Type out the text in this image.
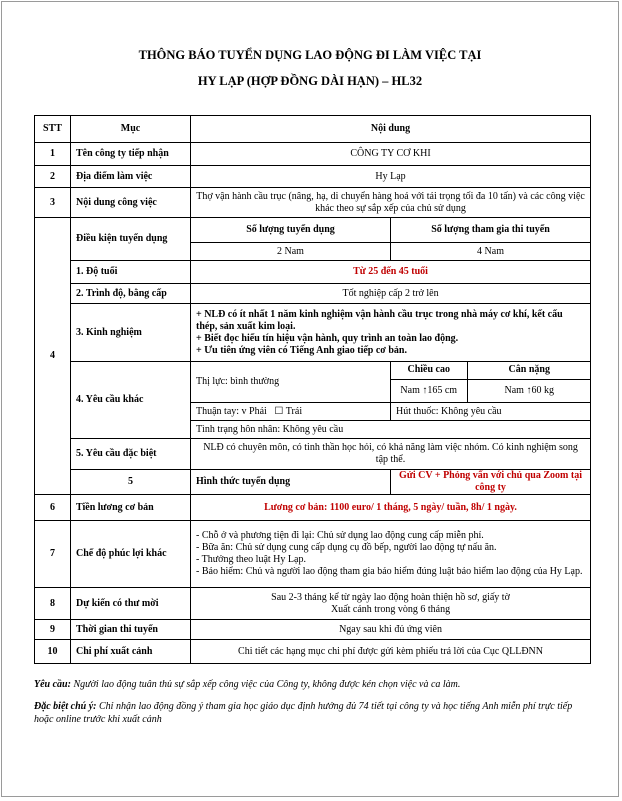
THÔNG BÁO TUYỂN DỤNG LAO ĐỘNG ĐI LÀM VIỆC TẠI
HY LẠP (HỢP ĐỒNG DÀI HẠN) – HL32
STT	Mục	Nội dung
1	Tên công ty tiếp nhận	CÔNG TY CƠ KHI
2	Địa điểm làm việc	Hy Lạp
3	Nội dung công việc	Thợ vận hành cầu trục (nâng, hạ, di chuyển hàng hoá với tải trọng tối đa 10 tấn) và các công việc khác theo sự sắp xếp của chủ sử dụng
4	Điều kiện tuyển dụng	Số lượng tuyển dụng	Số lượng tham gia thi tuyển
2 Nam	4 Nam
1. Độ tuổi	Từ 25 đến 45 tuổi
2. Trình độ, bằng cấp	Tốt nghiệp cấp 2 trở lên
3. Kinh nghiệm	
+ NLĐ có ít nhất 1 năm kinh nghiệm vận hành cầu trục trong nhà máy cơ khí, kết cấu thép, sản xuất kim loại.
+ Biết đọc hiểu tín hiệu vận hành, quy trình an toàn lao động.
+ Ưu tiên ứng viên có Tiếng Anh giao tiếp cơ bản.

4. Yêu cầu khác	Thị lực: bình thường	
Chiều cao	Cân nặng
Nam ↑165 cm	Nam ↑60 kg

Thuận tay: v Phải ☐ Trái	Hút thuốc: Không yêu cầu
Tình trạng hôn nhân: Không yêu cầu
5. Yêu cầu đặc biệt	NLĐ có chuyên môn, có tinh thần học hỏi, có khả năng làm việc nhóm. Có kinh nghiệm song tập thể.
5	Hình thức tuyển dụng	Gửi CV + Phỏng vấn với chủ qua Zoom tại công ty
6	Tiền lương cơ bản	Lương cơ bản: 1100 euro/ 1 tháng, 5 ngày/ tuần, 8h/ 1 ngày.
7	Chế độ phúc lợi khác	
- Chỗ ở và phương tiện đi lại: Chủ sử dụng lao động cung cấp miễn phí.
- Bữa ăn: Chủ sử dụng cung cấp dụng cụ đồ bếp, người lao động tự nấu ăn.
- Thưởng theo luật Hy Lạp.
- Bảo hiểm: Chủ và người lao động tham gia bảo hiểm đúng luật bảo hiểm lao động của Hy Lạp.

8	Dự kiến có thư mời	
Sau 2-3 tháng kể từ ngày lao động hoàn thiện hồ sơ, giấy tờ
Xuất cảnh trong vòng 6 tháng

9	Thời gian thi tuyển	Ngay sau khi đủ ứng viên
10	Chi phí xuất cảnh	Chi tiết các hạng mục chi phí được gửi kèm phiếu trả lời của Cục QLLĐNN
Yêu cầu: Người lao động tuân thủ sự sắp xếp công việc của Công ty, không được kén chọn việc và ca làm.
Đặc biệt chú ý: Chỉ nhận lao động đồng ý tham gia học giáo dục định hướng đủ 74 tiết tại công ty và học tiếng Anh miễn phí trực tiếp hoặc online trước khi xuất cảnh
